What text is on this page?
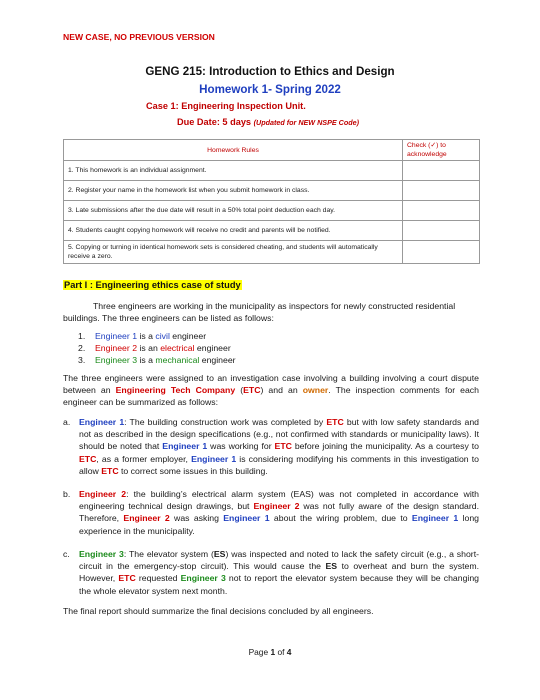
NEW CASE, NO PREVIOUS VERSION
GENG 215: Introduction to Ethics and Design
Homework 1- Spring 2022
Case 1: Engineering Inspection Unit.
Due Date: 5 days (Updated for NEW NSPE Code)
Homework Rules	Check (✓) to acknowledge
1. This homework is an individual assignment.	
2. Register your name in the homework list when you submit homework in class.	
3. Late submissions after the due date will result in a 50% total point deduction each day.	
4. Students caught copying homework will receive no credit and parents will be notified.	
5. Copying or turning in identical homework sets is considered cheating, and students will automatically receive a zero.	
Part I : Engineering ethics case of study
Three engineers are working in the municipality as inspectors for newly constructed residential buildings. The three engineers can be listed as follows:
1. Engineer 1 is a civil engineer
2. Engineer 2 is an electrical engineer
3. Engineer 3 is a mechanical engineer
The three engineers were assigned to an investigation case involving a building involving a court dispute between an Engineering Tech Company (ETC) and an owner. The inspection comments for each engineer can be summarized as follows:
a. Engineer 1: The building construction work was completed by ETC but with low safety standards and not as described in the design specifications (e.g., not confirmed with standards or municipality laws). It should be noted that Engineer 1 was working for ETC before joining the municipality. As a courtesy to ETC, as a former employer, Engineer 1 is considering modifying his comments in this investigation to allow ETC to correct some issues in this building.
b. Engineer 2: the building’s electrical alarm system (EAS) was not completed in accordance with engineering technical design drawings, but Engineer 2 was not fully aware of the design standard. Therefore, Engineer 2 was asking Engineer 1 about the wiring problem, due to Engineer 1 long experience in the municipality.
c. Engineer 3: The elevator system (ES) was inspected and noted to lack the safety circuit (e.g., a short-circuit in the emergency-stop circuit). This would cause the ES to overheat and burn the system. However, ETC requested Engineer 3 not to report the elevator system because they will be changing the whole elevator system next month.
The final report should summarize the final decisions concluded by all engineers.
Page 1 of 4
